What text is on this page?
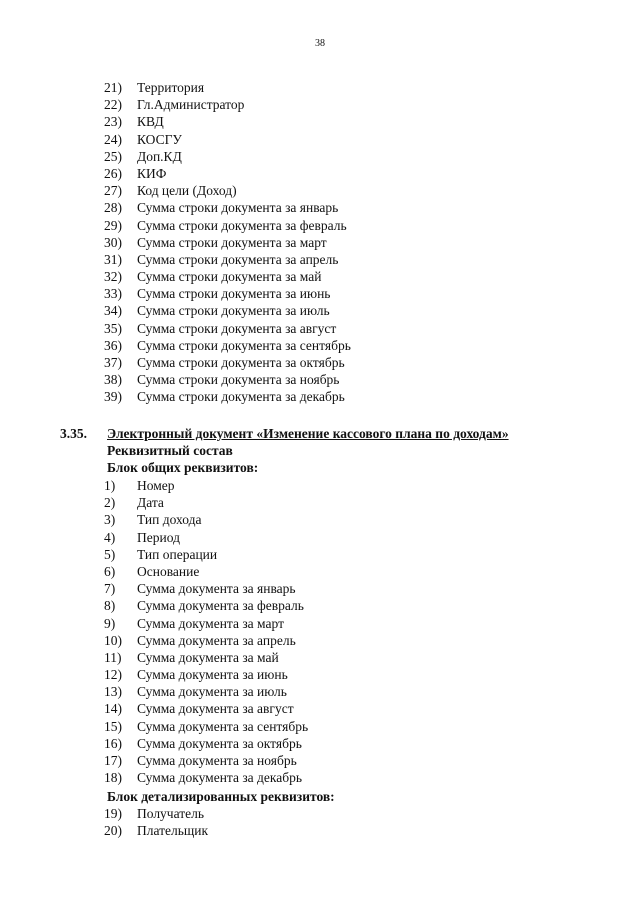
38
21) Территория
22) Гл.Администратор
23) КВД
24) КОСГУ
25) Доп.КД
26) КИФ
27) Код цели (Доход)
28) Сумма строки документа за январь
29) Сумма строки документа за февраль
30) Сумма строки документа за март
31) Сумма строки документа за апрель
32) Сумма строки документа за май
33) Сумма строки документа за июнь
34) Сумма строки документа за июль
35) Сумма строки документа за август
36) Сумма строки документа за сентябрь
37) Сумма строки документа за октябрь
38) Сумма строки документа за ноябрь
39) Сумма строки документа за декабрь
3.35. Электронный документ «Изменение кассового плана по доходам»
Реквизитный состав
Блок общих реквизитов:
1) Номер
2) Дата
3) Тип дохода
4) Период
5) Тип операции
6) Основание
7) Сумма документа за январь
8) Сумма документа за февраль
9) Сумма документа за март
10) Сумма документа за апрель
11) Сумма документа за май
12) Сумма документа за июнь
13) Сумма документа за июль
14) Сумма документа за август
15) Сумма документа за сентябрь
16) Сумма документа за октябрь
17) Сумма документа за ноябрь
18) Сумма документа за декабрь
Блок детализированных реквизитов:
19) Получатель
20) Плательщик
